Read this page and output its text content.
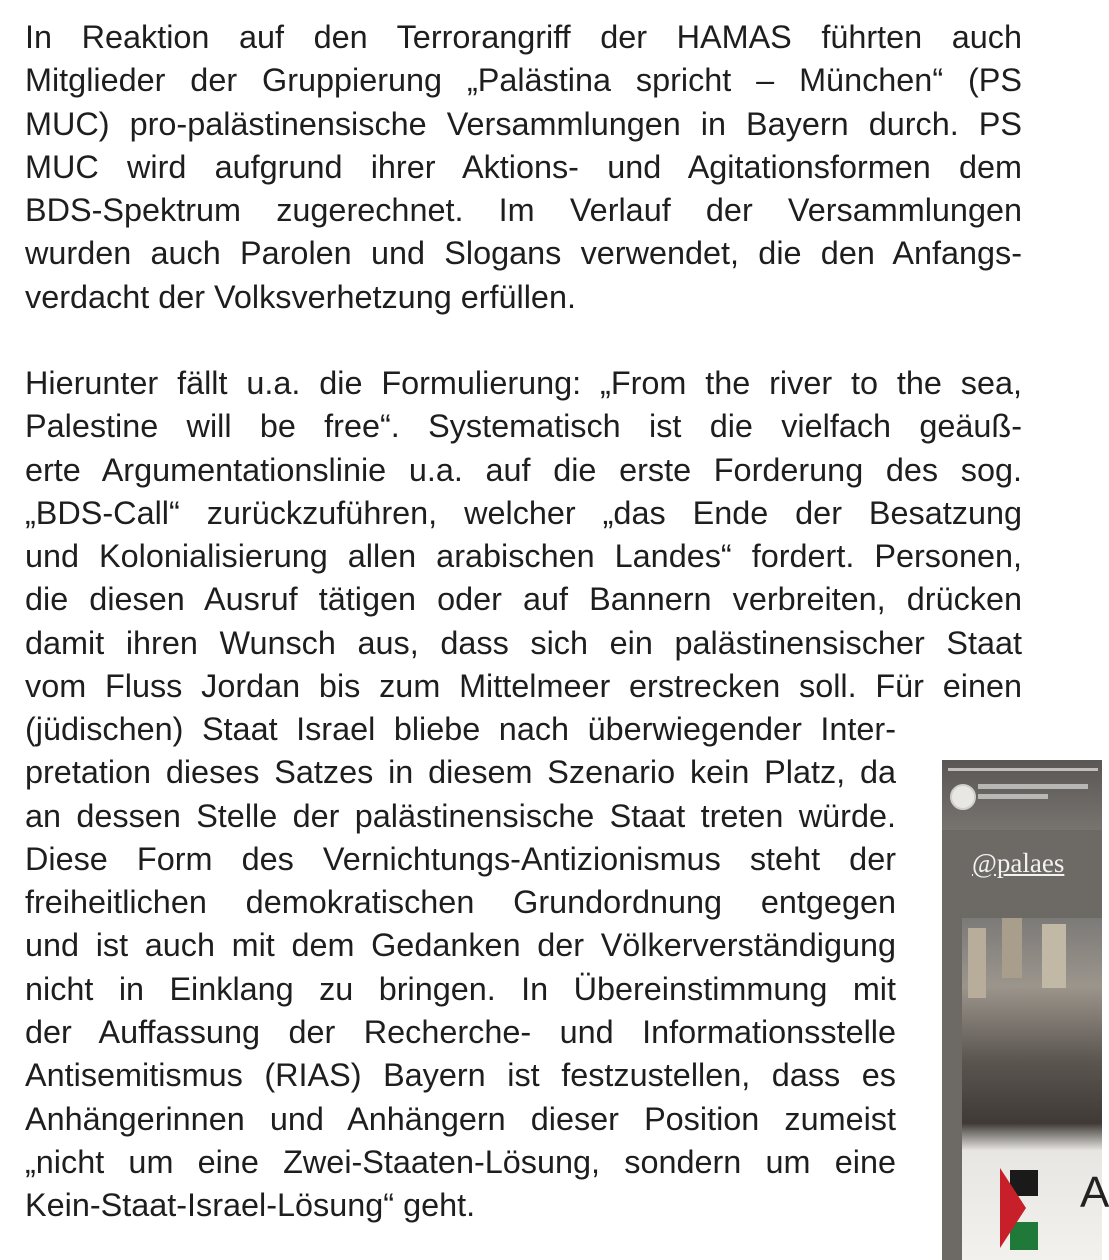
In Reaktion auf den Terrorangriff der HAMAS führten auch
Mitglieder der Gruppierung „Palästina spricht – München“ (PS
MUC) pro-palästinensische Versammlungen in Bayern durch. PS
MUC wird aufgrund ihrer Aktions- und Agitationsformen dem
BDS-Spektrum zugerechnet. Im Verlauf der Versammlungen
wurden auch Parolen und Slogans verwendet, die den Anfangs-
verdacht der Volksverhetzung erfüllen.
Hierunter fällt u.a. die Formulierung: „From the river to the sea,
Palestine will be free“. Systematisch ist die vielfach geäuß-
erte Argumentationslinie u.a. auf die erste Forderung des sog.
„BDS-Call“ zurückzuführen, welcher „das Ende der Besatzung
und Kolonialisierung allen arabischen Landes“ fordert. Personen,
die diesen Ausruf tätigen oder auf Bannern verbreiten, drücken
damit ihren Wunsch aus, dass sich ein palästinensischer Staat
vom Fluss Jordan bis zum Mittelmeer erstrecken soll. Für einen
(jüdischen) Staat Israel bliebe nach überwiegender Inter-
pretation dieses Satzes in diesem Szenario kein Platz, da
an dessen Stelle der palästinensische Staat treten würde.
Diese Form des Vernichtungs-Antizionismus steht der
freiheitlichen demokratischen Grundordnung entgegen
und ist auch mit dem Gedanken der Völkerverständigung
nicht in Einklang zu bringen. In Übereinstimmung mit
der Auffassung der Recherche- und Informationsstelle
Antisemitismus (RIAS) Bayern ist festzustellen, dass es
Anhängerinnen und Anhängern dieser Position zumeist
„nicht um eine Zwei-Staaten-Lösung, sondern um eine
Kein-Staat-Israel-Lösung“ geht.
@palaes
A
